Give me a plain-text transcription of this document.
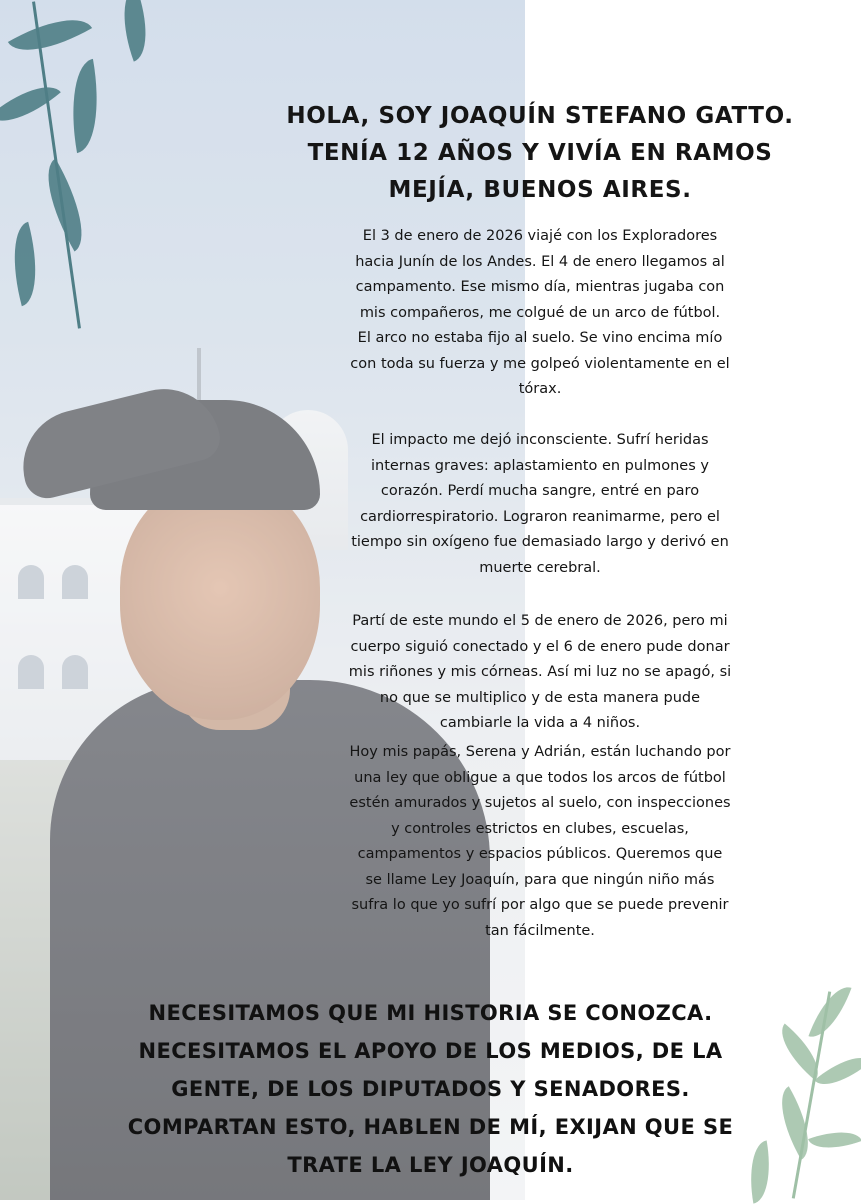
HOLA, SOY JOAQUÍN STEFANO GATTO.
TENÍA 12 AÑOS Y VIVÍA EN RAMOS
MEJÍA, BUENOS AIRES.
El 3 de enero de 2026 viajé con los Exploradores
hacia Junín de los Andes. El 4 de enero llegamos al
campamento. Ese mismo día, mientras jugaba con
mis compañeros, me colgué de un arco de fútbol.
El arco no estaba fijo al suelo. Se vino encima mío
con toda su fuerza y me golpeó violentamente en el
tórax.
El impacto me dejó inconsciente. Sufrí heridas
internas graves: aplastamiento en pulmones y
corazón. Perdí mucha sangre, entré en paro
cardiorrespiratorio. Lograron reanimarme, pero el
tiempo sin oxígeno fue demasiado largo y derivó en
muerte cerebral.
Partí de este mundo el 5 de enero de 2026, pero mi
cuerpo siguió conectado y el 6 de enero pude donar
mis riñones y mis córneas. Así mi luz no se apagó, si
no que se multiplico y de esta manera pude
cambiarle la vida a 4 niños.
Hoy mis papás, Serena y Adrián, están luchando por
una ley que obligue a que todos los arcos de fútbol
estén amurados y sujetos al suelo, con inspecciones
y controles estrictos en clubes, escuelas,
campamentos y espacios públicos. Queremos que
se llame Ley Joaquín, para que ningún niño más
sufra lo que yo sufrí por algo que se puede prevenir
tan fácilmente.
NECESITAMOS QUE MI HISTORIA SE CONOZCA.
NECESITAMOS EL APOYO DE LOS MEDIOS, DE LA
GENTE, DE LOS DIPUTADOS Y SENADORES.
COMPARTAN ESTO, HABLEN DE MÍ, EXIJAN QUE SE
TRATE LA LEY JOAQUÍN.
